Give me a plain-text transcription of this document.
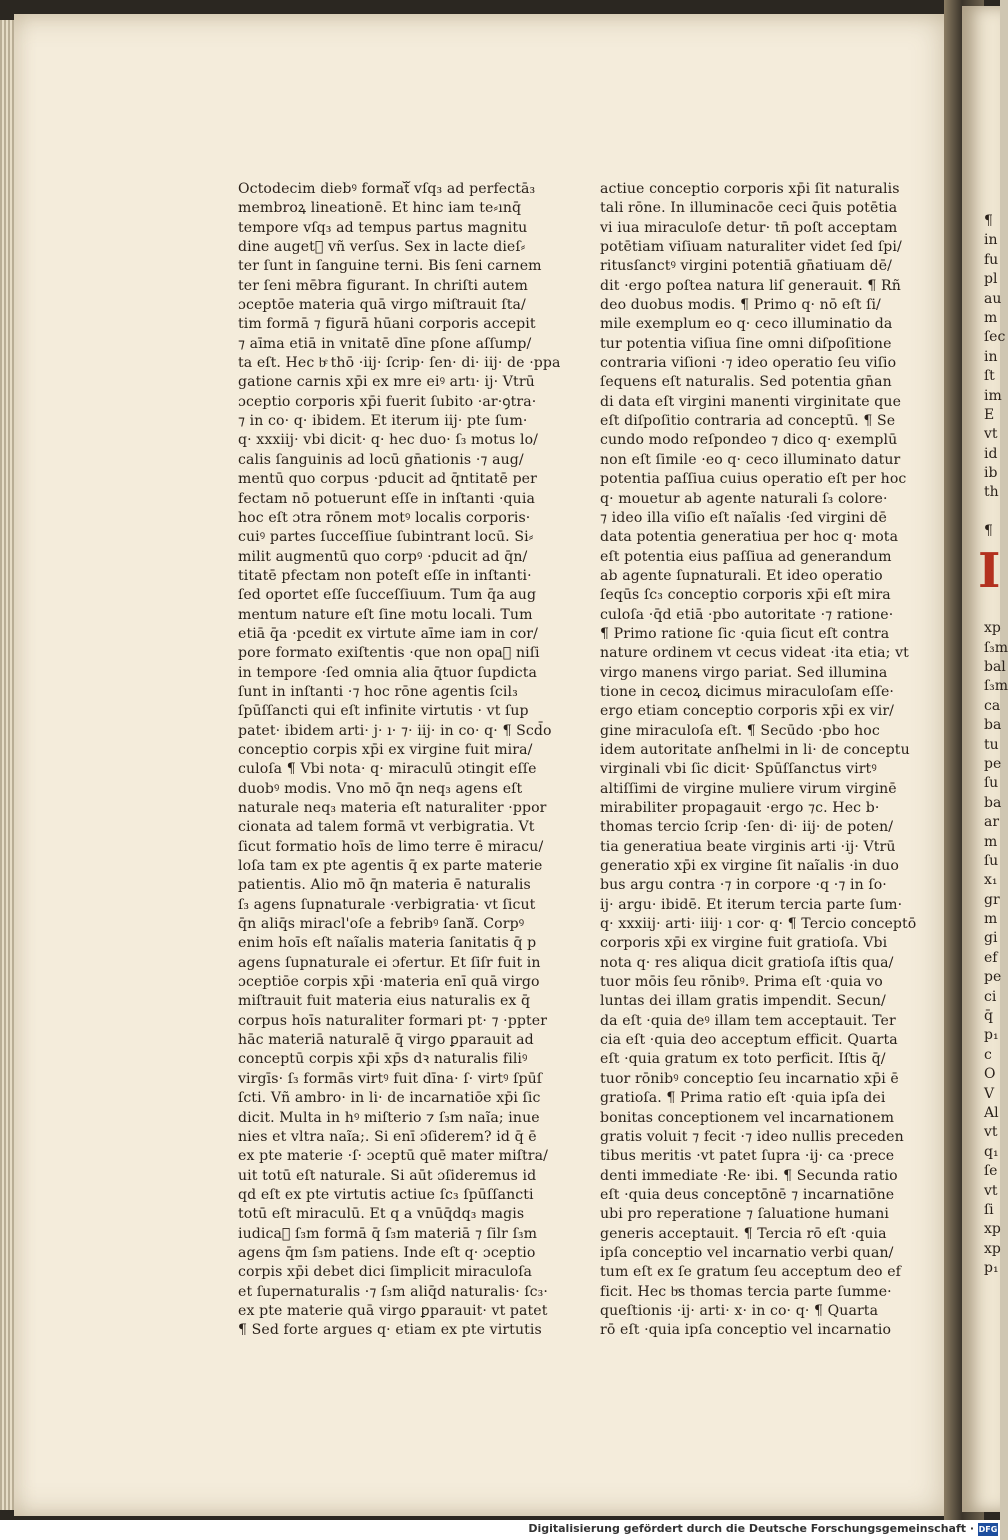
¶
in
fu
pl
au
m
ſec
in
ſt
im
E
vt
id
ib
th
¶
xp
ſ₃m
bal
ſ₃m
ca
ba
tu
pe
ſu
ba
ar
m
ſu
x₁
gr
m
gi
ef
pe
ci
q̄
p₁
c
O
V
Al
vt
q₁
ſe
vt
ſi
xp
xp
p₁
I
Octodecim diebꝰ formatᷓ vſq₃ ad perfectā₃
membroꝝ lineationē. Et hinc iam te⸗ınq̄
tempore vſq₃ ad tempus partus magnitu
dine augetᷓ vñ verſus. Sex in lacte dieſ⸗
ter ſunt in ſanguine terni. Bis ſeni carnem
ter ſeni mēbra figurant. In chriſti autem
ɔceptōe materia quā virgo miſtrauit ſta/
tim formā ⁊ figurā hūani corporis accepit
⁊ aīma etiā in vnitatē dīne pſone aſſump/
ta eſt. Hec bͤ thō ·iij· ſcrip· ſen· di· iij· de ·ppa
gatione carnis xp̄i ex mre eiꝰ artı· ij· Vtrū
ɔceptio corporis xp̄i fuerit ſubito ·ar·ꝯtra·
⁊ in co· q· ibidem. Et iterum iij· pte ſum·
q· xxxiij· vbi dicit· q· hec duo· ſ₃ motus lo/
calis ſanguinis ad locū gn̄ationis ·⁊ aug/
mentū quo corpus ·pducit ad q̄ntitatē per
fectam nō potuerunt eſſe in inſtanti ·quia
hoc eſt ɔtra rōnem motꝰ localis corporis·
cuiꝰ partes ſucceſſiue ſubintrant locū. Si⸗
milit augmentū quo corpꝰ ·pducit ad q̄n/
titatē pfectam non poteſt eſſe in inſtanti·
ſed oportet eſſe ſucceſſiuum. Tum q̄a aug
mentum nature eſt ſine motu locali. Tum
etiā q̄a ·pcedit ex virtute aīme iam in cor/
pore formato exiſtentis ·que non opaᷓ niſi
in tempore ·ſed omnia alia q̄tuor ſupdicta
ſunt in inſtanti ·⁊ hoc rōne agentis ſcil₃
ſpūſſancti qui eſt infinite virtutis · vt ſup
patet· ibidem arti· j· ı· ⁊· iij· in co· q· ¶ Scd̄o
conceptio corpis xp̄i ex virgine fuit mira/
culoſa ¶ Vbi nota· q· miraculū ɔtingit eſſe
duobꝰ modis. Vno mō q̄n neq₃ agens eſt
naturale neq₃ materia eſt naturaliter ·ppor
cionata ad talem formā vt verbigratia. Vt
ſicut formatio hoīs de limo terre ē miracu/
loſa tam ex pte agentis q̄ ex parte materie
patientis. Alio mō q̄n materia ē naturalis
ſ₃ agens ſupnaturale ·verbigratia· vt ſicut
q̄n aliq̄s miracl'oſe a febribꝰ ſanaᷓ. Corpꝰ
enim hoīs eſt naĩalis materia ſanitatis q̄ p
agens ſupnaturale ei ɔfertur. Et ſiſr fuit in
ɔceptiōe corpis xp̄i ·materia enī quā virgo
miſtrauit fuit materia eius naturalis ex q̄
corpus hoīs naturaliter formari pt· ⁊ ·ppter
hāc materiā naturalē q̄ virgo ꝑparauit ad
conceptū corpis xp̄i xp̄s dꝛ naturalis filiꝰ
virgīs· ſ₃ formās virtꝰ fuit dīna· ſ· virtꝰ ſpūſ
ſcti. Vñ ambro· in li· de incarnatiōe xp̄i ſic
dicit. Multa in hꝰ miſterio ⁊ ſ₃m naĩa; inue
nies et vltra naĩa;. Si enī ɔſiderem? id q̄ ē
ex pte materie ·ſ· ɔceptū quē mater miſtra/
uit totū eſt naturale. Si aūt ɔſideremus id
qd eſt ex pte virtutis actiue ſc₃ ſpūſſancti
totū eſt miraculū. Et q a vnūq̄dq₃ magis
iudicaᷓ ſ₃m formā q̄ ſ₃m materiā ⁊ ſilr ſ₃m
agens q̄m ſ₃m patiens. Inde eſt q· ɔceptio
corpis xp̄i debet dici ſimplicit miraculoſa
et ſupernaturalis ·⁊ ſ₃m aliq̄d naturalis· ſc₃·
ex pte materie quā virgo ꝑparauit· vt patet
¶ Sed forte argues q· etiam ex pte virtutis
actiue conceptio corporis xp̄i ſit naturalis
tali rōne. In illuminacōe ceci q̄uis potētia
vi iua miraculoſe detur· tn̄ poſt acceptam
potētiam viſiuam naturaliter videt ſed ſpi/
ritusſanctꝰ virgini potentiā gn̄atiuam dē/
dit ·ergo poſtea natura liſ generauit. ¶ Rñ
deo duobus modis. ¶ Primo q· nō eſt ſi/
mile exemplum eo q· ceco illuminatio da
tur potentia viſiua ſine omni diſpoſitione
contraria viſioni ·⁊ ideo operatio ſeu viſio
ſequens eſt naturalis. Sed potentia gn̄an
di data eſt virgini manenti virginitate que
eſt diſpoſitio contraria ad conceptū. ¶ Se
cundo modo reſpondeo ⁊ dico q· exemplū
non eſt ſimile ·eo q· ceco illuminato datur
potentia paſſiua cuius operatio eſt per hoc
q· mouetur ab agente naturali ſ₃ colore·
⁊ ideo illa viſio eſt naĩalis ·ſed virgini dē
data potentia generatiua per hoc q· mota
eſt potentia eius paſſiua ad generandum
ab agente ſupnaturali. Et ideo operatio
ſeqūs ſc₃ conceptio corporis xp̄i eſt mira
culoſa ·q̄d etiā ·pbo autoritate ·⁊ ratione·
¶ Primo ratione ſic ·quia ſicut eſt contra
nature ordinem vt cecus videat ·ita etia; vt
virgo manens virgo pariat. Sed illumina
tione in cecoꝝ dicimus miraculoſam eſſe·
ergo etiam conceptio corporis xp̄i ex vir/
gine miraculoſa eſt. ¶ Secūdo ·pbo hoc
idem autoritate anſhelmi in li· de conceptu
virginali vbi ſic dicit· Spūſſanctus virtꝰ
altiſſimi de virgine muliere virum virginē
mirabiliter propagauit ·ergo ⁊c. Hec b·
thomas tercio ſcrip ·ſen· di· iij· de poten/
tia generatiua beate virginis arti ·ij· Vtrū
generatio xp̄i ex virgine ſit naĩalis ·in duo
bus argu contra ·⁊ in corpore ·q ·⁊ in ſo·
ij· argu· ibidē. Et iterum tercia parte ſum·
q· xxxiij· arti· iiij· ı cor· q· ¶ Tercio conceptō
corporis xp̄i ex virgine fuit gratioſa. Vbi
nota q· res aliqua dicit gratioſa iſtis qua/
tuor mōis ſeu rōnibꝰ. Prima eſt ·quia vo
luntas dei illam gratis impendit. Secun/
da eſt ·quia deꝰ illam tem acceptauit. Ter
cia eſt ·quia deo acceptum efficit. Quarta
eſt ·quia gratum ex toto perficit. Iſtis q̄/
tuor rōnibꝰ conceptio ſeu incarnatio xp̄i ē
gratioſa. ¶ Prima ratio eſt ·quia ipſa dei
bonitas conceptionem vel incarnationem
gratis voluit ⁊ fecit ·⁊ ideo nullis preceden
tibus meritis ·vt patet ſupra ·ij· ca ·prece
denti immediate ·Re· ibi. ¶ Secunda ratio
eſt ·quia deus conceptōnē ⁊ incarnatiōne
ubi pro reperatione ⁊ ſaluatione humani
generis acceptauit. ¶ Tercia rō eſt ·quia
ipſa conceptio vel incarnatio verbi quan/
tum eſt ex ſe gratum ſeu acceptum deo ef
ficit. Hec bͤs thomas tercia parte ſumme·
queſtionis ·ij· arti· x· in co· q· ¶ Quarta
rō eſt ·quia ipſa conceptio vel incarnatio
Digitalisierung gefördert durch die Deutsche Forschungsgemeinschaft · DFG
